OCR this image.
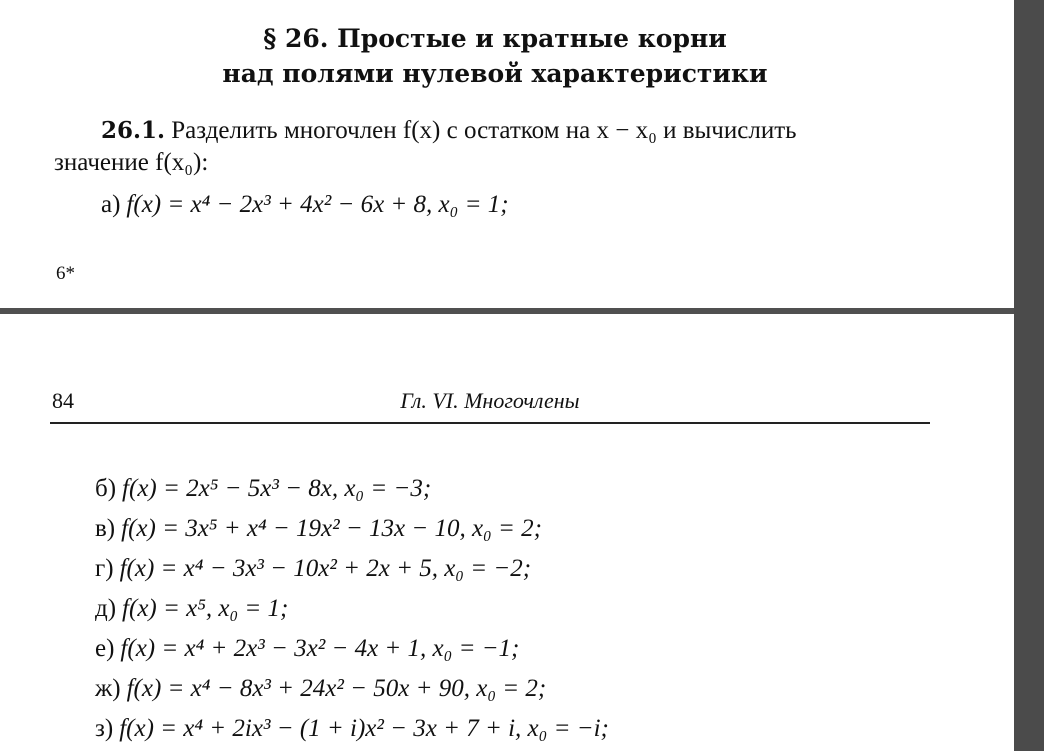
§ 26. Простые и кратные корни
над полями нулевой характеристики
26.1. Разделить многочлен f(x) с остатком на x − x₀ и вычислить
значение f(x₀):
а) f(x) = x⁴ − 2x³ + 4x² − 6x + 8, x₀ = 1;
6*
84	Гл. VI. Многочлены
б) f(x) = 2x⁵ − 5x³ − 8x, x₀ = −3;
в) f(x) = 3x⁵ + x⁴ − 19x² − 13x − 10, x₀ = 2;
г) f(x) = x⁴ − 3x³ − 10x² + 2x + 5, x₀ = −2;
д) f(x) = x⁵, x₀ = 1;
е) f(x) = x⁴ + 2x³ − 3x² − 4x + 1, x₀ = −1;
ж) f(x) = x⁴ − 8x³ + 24x² − 50x + 90, x₀ = 2;
з) f(x) = x⁴ + 2ix³ − (1 + i)x² − 3x + 7 + i, x₀ = −i;
